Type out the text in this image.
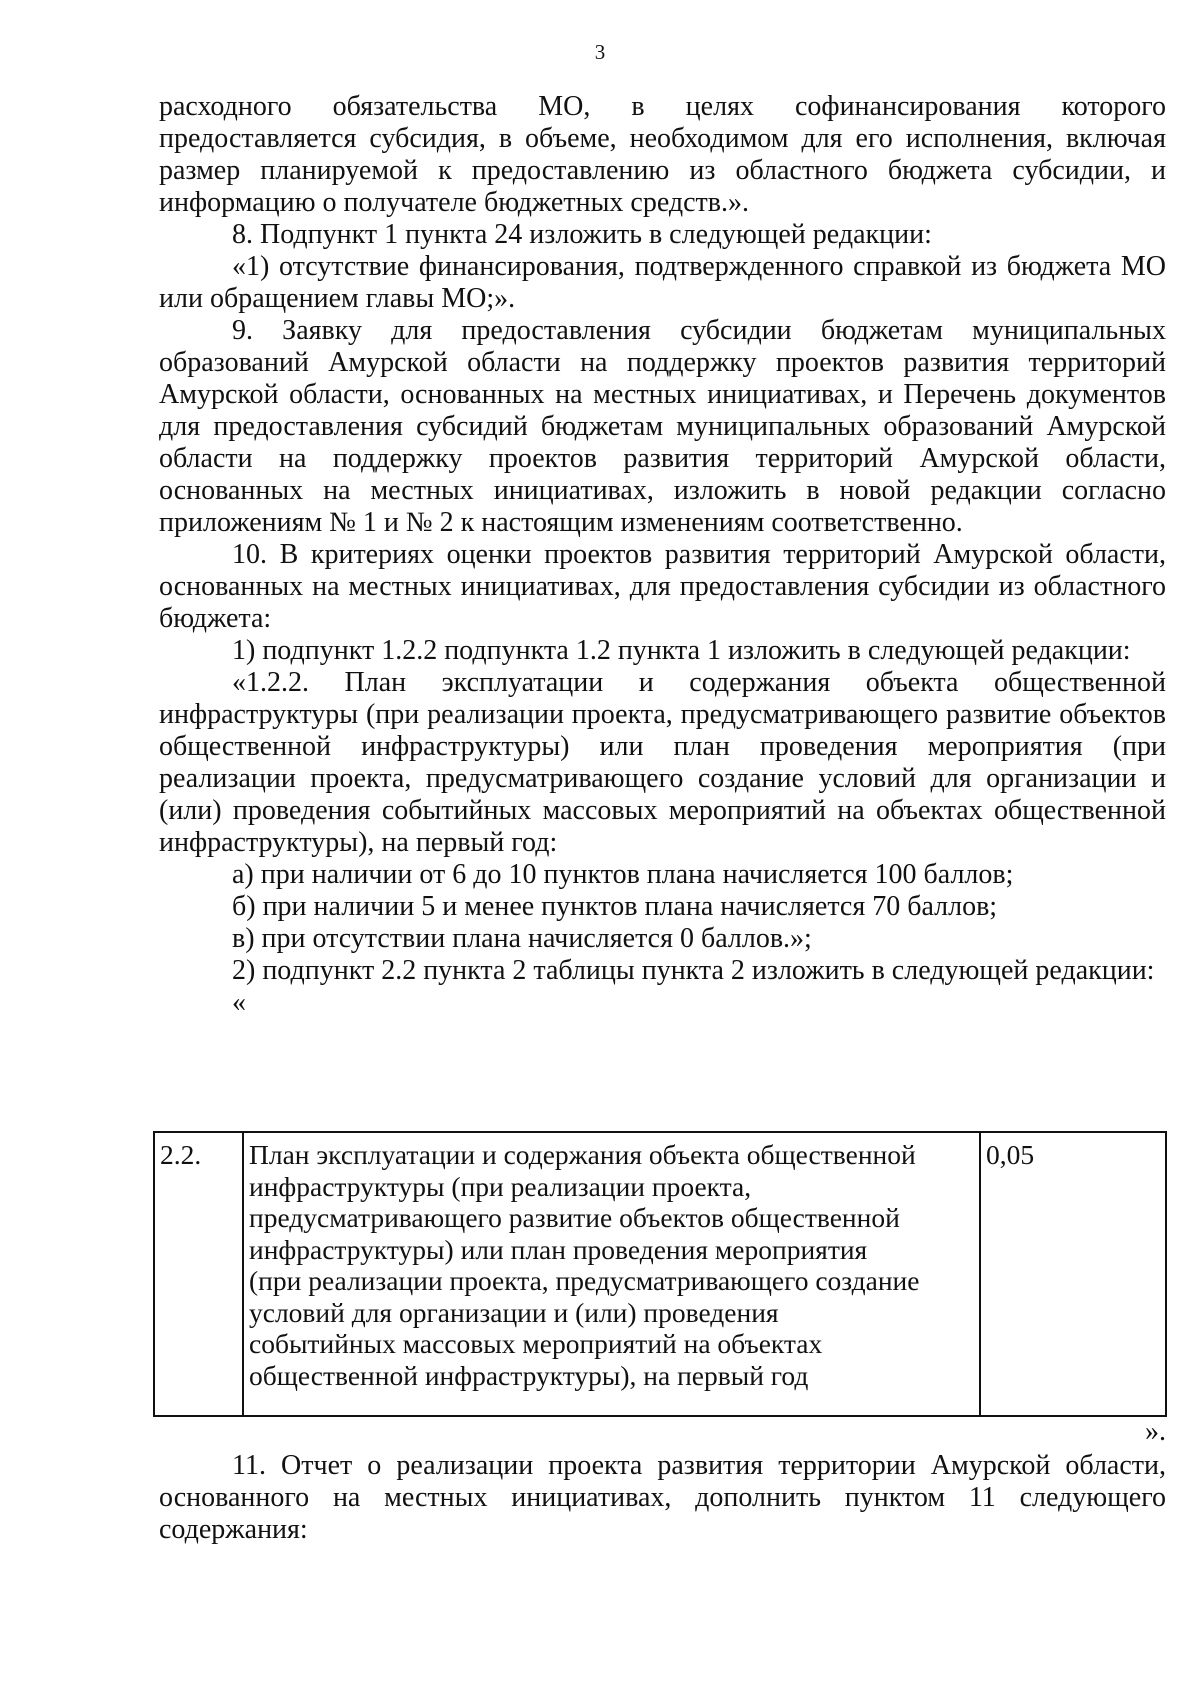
3

расходного обязательства МО, в целях софинансирования которого предоставляется субсидия, в объеме, необходимом для его исполнения, включая размер планируемой к предоставлению из областного бюджета субсидии, и информацию о получателе бюджетных средств.».

8. Подпункт 1 пункта 24 изложить в следующей редакции:

«1) отсутствие финансирования, подтвержденного справкой из бюджета МО или обращением главы МО;».

9. Заявку для предоставления субсидии бюджетам муниципальных образований Амурской области на поддержку проектов развития территорий Амурской области, основанных на местных инициативах, и Перечень документов для предоставления субсидий бюджетам муниципальных образований Амурской области на поддержку проектов развития территорий Амурской области, основанных на местных инициативах, изложить в новой редакции согласно приложениям № 1 и № 2 к настоящим изменениям соответственно.

10. В критериях оценки проектов развития территорий Амурской области, основанных на местных инициативах, для предоставления субсидии из областного бюджета:

1) подпункт 1.2.2 подпункта 1.2 пункта 1 изложить в следующей редакции:

«1.2.2. План эксплуатации и содержания объекта общественной инфраструктуры (при реализации проекта, предусматривающего развитие объектов общественной инфраструктуры) или план проведения мероприятия (при реализации проекта, предусматривающего создание условий для организации и (или) проведения событийных массовых мероприятий на объектах общественной инфраструктуры), на первый год:

а) при наличии от 6 до 10 пунктов плана начисляется 100 баллов;

б) при наличии 5 и менее пунктов плана начисляется 70 баллов;

в) при отсутствии плана начисляется 0 баллов.»;

2) подпункт 2.2 пункта 2 таблицы пункта 2 изложить в следующей редакции:

«

2.2.	План эксплуатации и содержания объекта общественной
инфраструктуры (при реализации проекта,
предусматривающего развитие объектов общественной
инфраструктуры) или план проведения мероприятия
(при реализации проекта, предусматривающего создание
условий для организации и (или) проведения
событийных массовых мероприятий на объектах
общественной инфраструктуры), на первый год
	0,05
».

11. Отчет о реализации проекта развития территории Амурской области, основанного на местных инициативах, дополнить пунктом 11 следующего содержания:
